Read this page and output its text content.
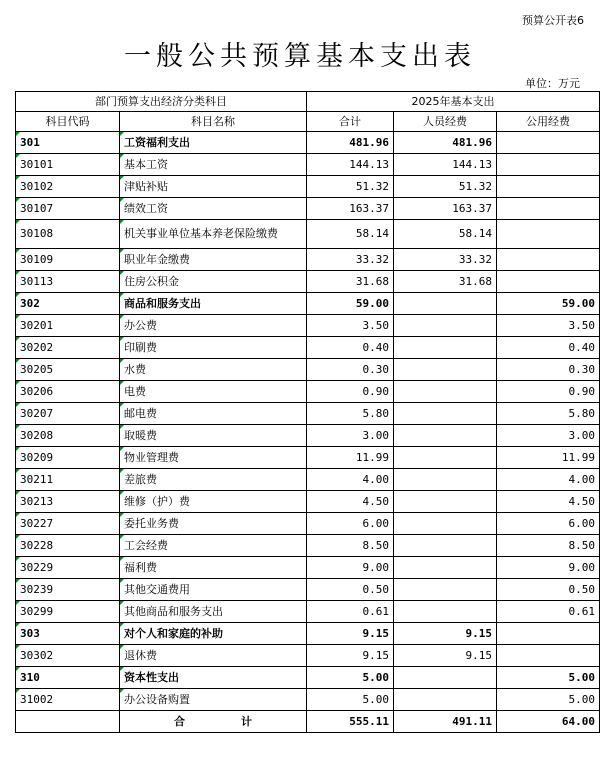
预算公开表6
一般公共预算基本支出表
单位：万元
部门预算支出经济分类科目		2025年基本支出		
科目代码	科目名称	合计	人员经费	公用经费
301	工资福利支出	481.96	481.96	
30101	基本工资	144.13	144.13	
30102	津贴补贴	51.32	51.32	
30107	绩效工资	163.37	163.37	
30108	机关事业单位基本养老保险缴费	58.14	58.14	
30109	职业年金缴费	33.32	33.32	
30113	住房公积金	31.68	31.68	
302	商品和服务支出	59.00		59.00
30201	办公费	3.50		3.50
30202	印刷费	0.40		0.40
30205	水费	0.30		0.30
30206	电费	0.90		0.90
30207	邮电费	5.80		5.80
30208	取暖费	3.00		3.00
30209	物业管理费	11.99		11.99
30211	差旅费	4.00		4.00
30213	维修（护）费	4.50		4.50
30227	委托业务费	6.00		6.00
30228	工会经费	8.50		8.50
30229	福利费	9.00		9.00
30239	其他交通费用	0.50		0.50
30299	其他商品和服务支出	0.61		0.61
303	对个人和家庭的补助	9.15	9.15	
30302	退休费	9.15	9.15	
310	资本性支出	5.00		5.00
31002	办公设备购置	5.00		5.00
	合 计	555.11	491.11	64.00
